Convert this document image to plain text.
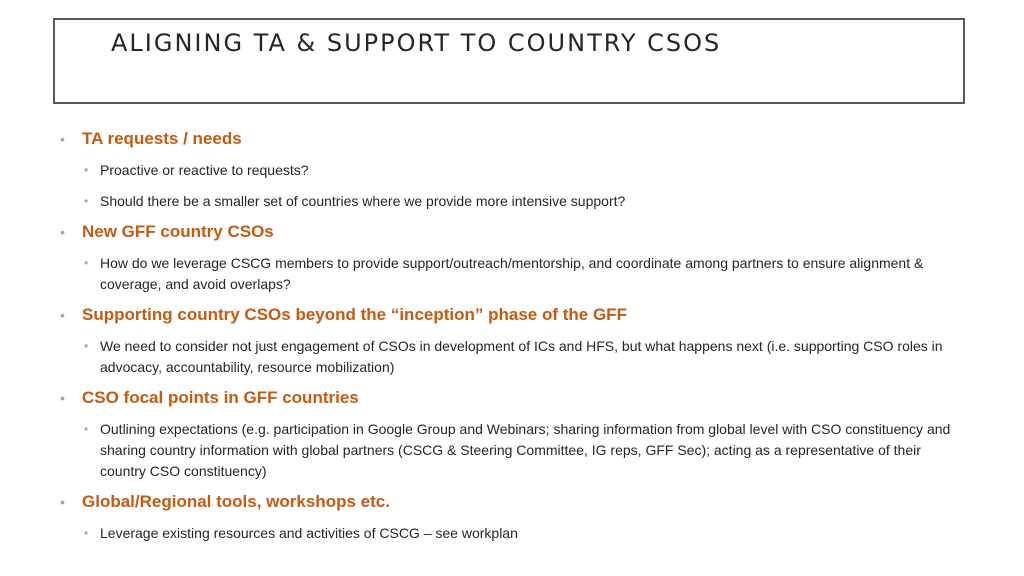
ALIGNING TA & SUPPORT TO COUNTRY CSOS
• TA requests / needs
• Proactive or reactive to requests?
• Should there be a smaller set of countries where we provide more intensive support?
• New GFF country CSOs
• How do we leverage CSCG members to provide support/outreach/mentorship, and coordinate among partners to ensure alignment & coverage, and avoid overlaps?
• Supporting country CSOs beyond the “inception” phase of the GFF
• We need to consider not just engagement of CSOs in development of ICs and HFS, but what happens next (i.e. supporting CSO roles in advocacy, accountability, resource mobilization)
• CSO focal points in GFF countries
• Outlining expectations (e.g. participation in Google Group and Webinars; sharing information from global level with CSO constituency and sharing country information with global partners (CSCG & Steering Committee, IG reps, GFF Sec); acting as a representative of their country CSO constituency)
• Global/Regional tools, workshops etc.
• Leverage existing resources and activities of CSCG – see workplan
